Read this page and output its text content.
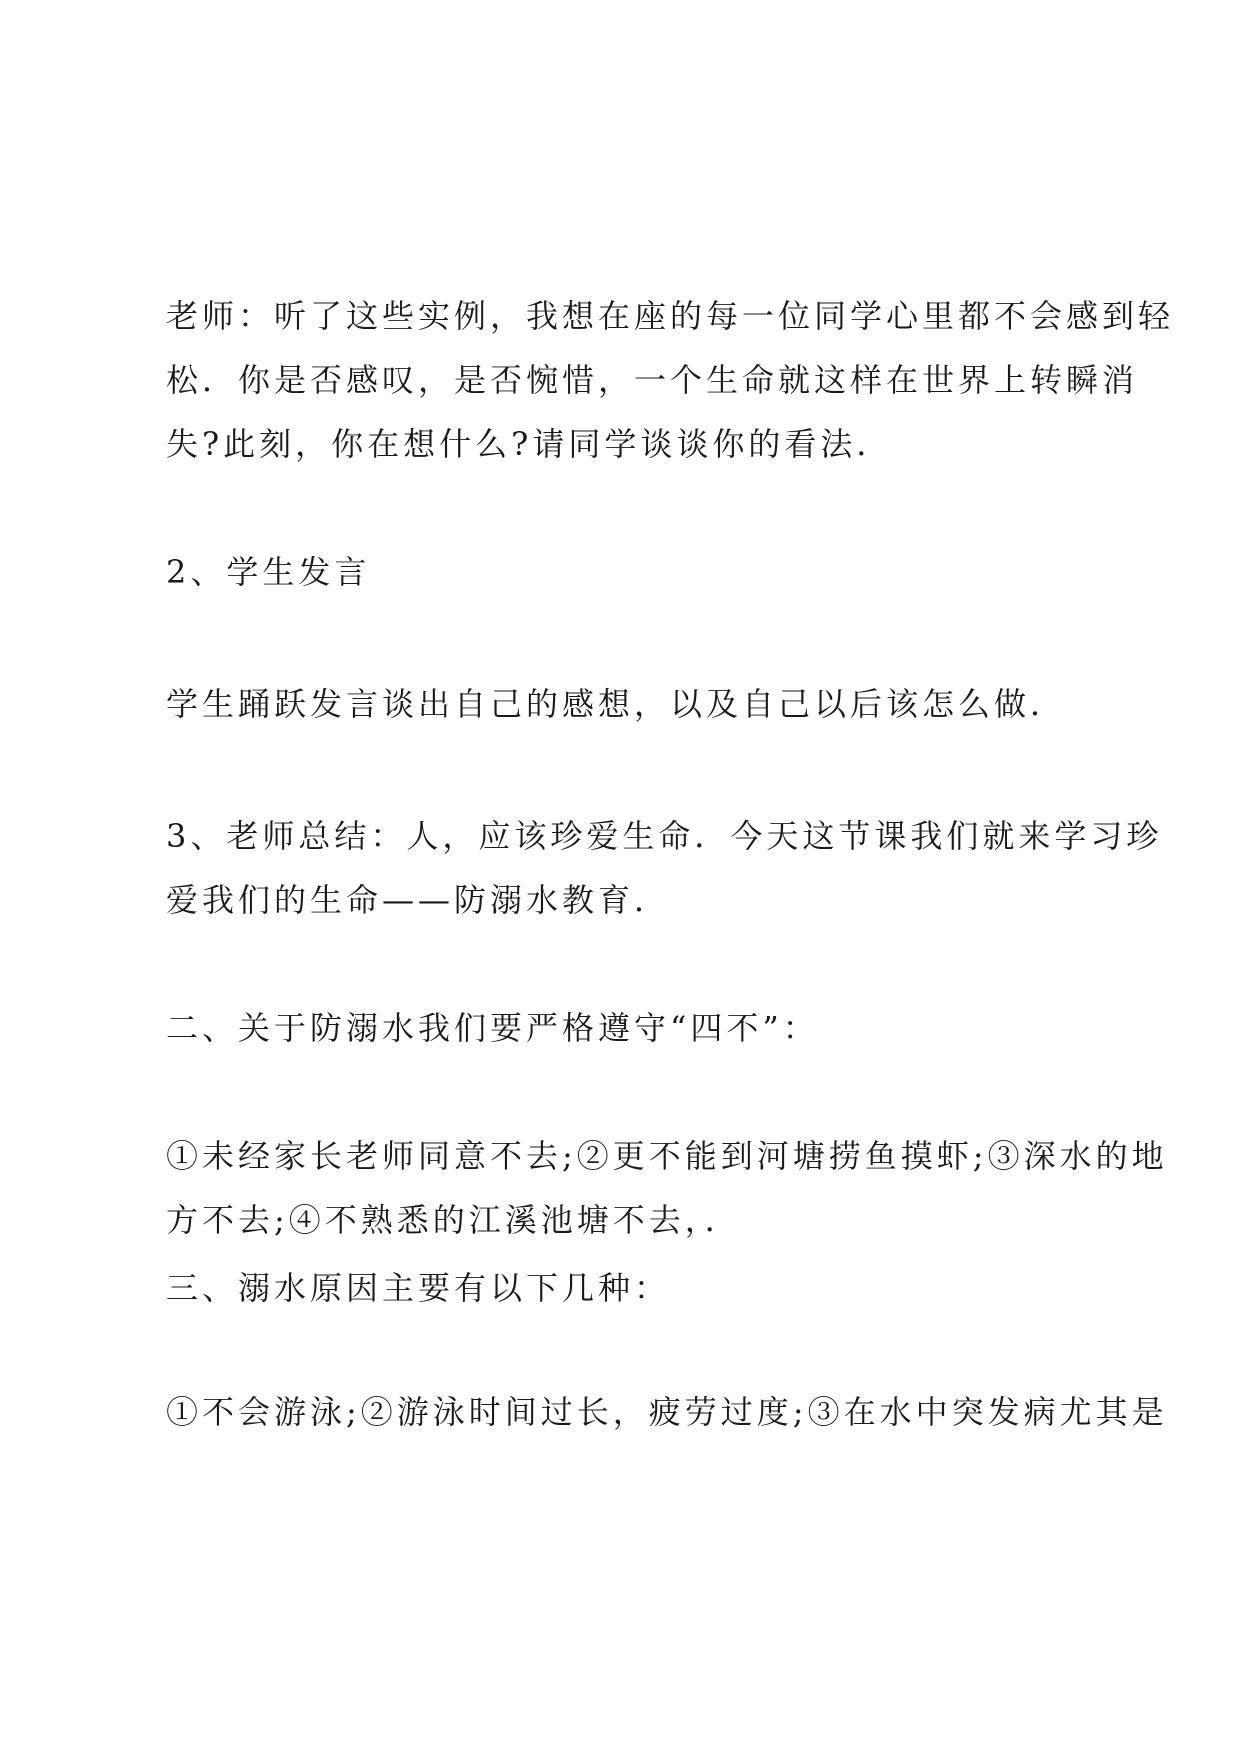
老师：听了这些实例，我想在座的每一位同学心里都不会感到轻
松．你是否感叹，是否惋惜，一个生命就这样在世界上转瞬消
失?此刻，你在想什么?请同学谈谈你的看法．
2、学生发言
学生踊跃发言谈出自己的感想，以及自己以后该怎么做．
3、老师总结：人，应该珍爱生命．今天这节课我们就来学习珍
爱我们的生命——防溺水教育．
二、关于防溺水我们要严格遵守“四不”：
①未经家长老师同意不去;②更不能到河塘捞鱼摸虾;③深水的地
方不去;④不熟悉的江溪池塘不去，．
三、溺水原因主要有以下几种：
①不会游泳;②游泳时间过长，疲劳过度;③在水中突发病尤其是
